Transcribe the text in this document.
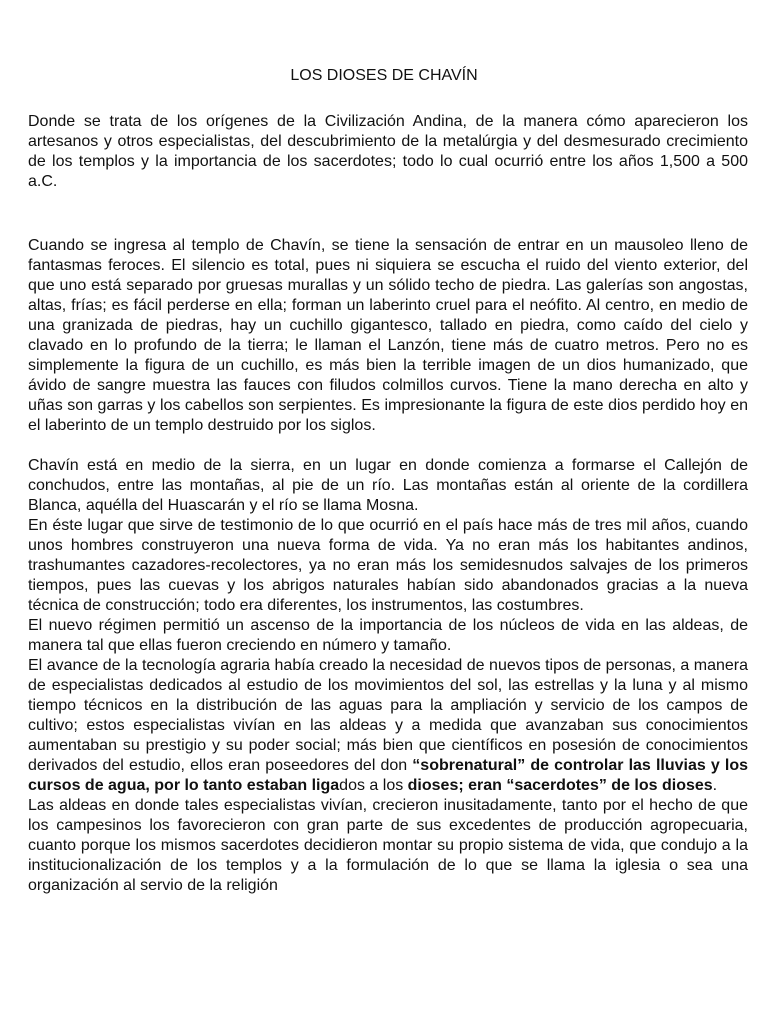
LOS DIOSES DE CHAVÍN

Donde se trata de los orígenes de la Civilización Andina, de la manera cómo aparecieron los artesanos y otros especialistas, del descubrimiento de la metalúrgia y del desmesurado crecimiento de los templos y la importancia de los sacerdotes; todo lo cual ocurrió entre los años 1,500 a 500 a.C.

Cuando se ingresa al templo de Chavín, se tiene la sensación de entrar en un mausoleo lleno de fantasmas feroces. El silencio es total, pues ni siquiera se escucha el ruido del viento exterior, del que uno está separado por gruesas murallas y un sólido techo de piedra. Las galerías son angostas, altas, frías; es fácil perderse en ella; forman un laberinto cruel para el neófito. Al centro, en medio de una granizada de piedras, hay un cuchillo gigantesco, tallado en piedra, como caído del cielo y clavado en lo profundo de la tierra; le llaman el Lanzón, tiene más de cuatro metros. Pero no es simplemente la figura de un cuchillo, es más bien la terrible imagen de un dios humanizado, que ávido de sangre muestra las fauces con filudos colmillos curvos. Tiene la mano derecha en alto y uñas son garras y los cabellos son serpientes. Es impresionante la figura de este dios perdido hoy en el laberinto de un templo destruido por los siglos.

Chavín está en medio de la sierra, en un lugar en donde comienza a formarse el Callejón de conchudos, entre las montañas, al pie de un río. Las montañas están al oriente de la cordillera Blanca, aquélla del Huascarán y el río se llama Mosna.

En éste lugar que sirve de testimonio de lo que ocurrió en el país hace más de tres mil años, cuando unos hombres construyeron una nueva forma de vida. Ya no eran más los habitantes andinos, trashumantes cazadores-recolectores, ya no eran más los semidesnudos salvajes de los primeros tiempos, pues las cuevas y los abrigos naturales habían sido abandonados gracias a la nueva técnica de construcción; todo era diferentes, los instrumentos, las costumbres.

El nuevo régimen permitió un ascenso de la importancia de los núcleos de vida en las aldeas, de manera tal que ellas fueron creciendo en número y tamaño.

El avance de la tecnología agraria había creado la necesidad de nuevos tipos de personas, a manera de especialistas dedicados al estudio de los movimientos del sol, las estrellas y la luna y al mismo tiempo técnicos en la distribución de las aguas para la ampliación y servicio de los campos de cultivo; estos especialistas vivían en las aldeas y a medida que avanzaban sus conocimientos aumentaban su prestigio y su poder social; más bien que científicos en posesión de conocimientos derivados del estudio, ellos eran poseedores del don “sobrenatural” de controlar las lluvias y los cursos de agua, por lo tanto estaban ligados a los dioses; eran “sacerdotes” de los dioses.

Las aldeas en donde tales especialistas vivían, crecieron inusitadamente, tanto por el hecho de que los campesinos los favorecieron con gran parte de sus excedentes de producción agropecuaria, cuanto porque los mismos sacerdotes decidieron montar su propio sistema de vida, que condujo a la institucionalización de los templos y a la formulación de lo que se llama la iglesia o sea una organización al servio de la religión
